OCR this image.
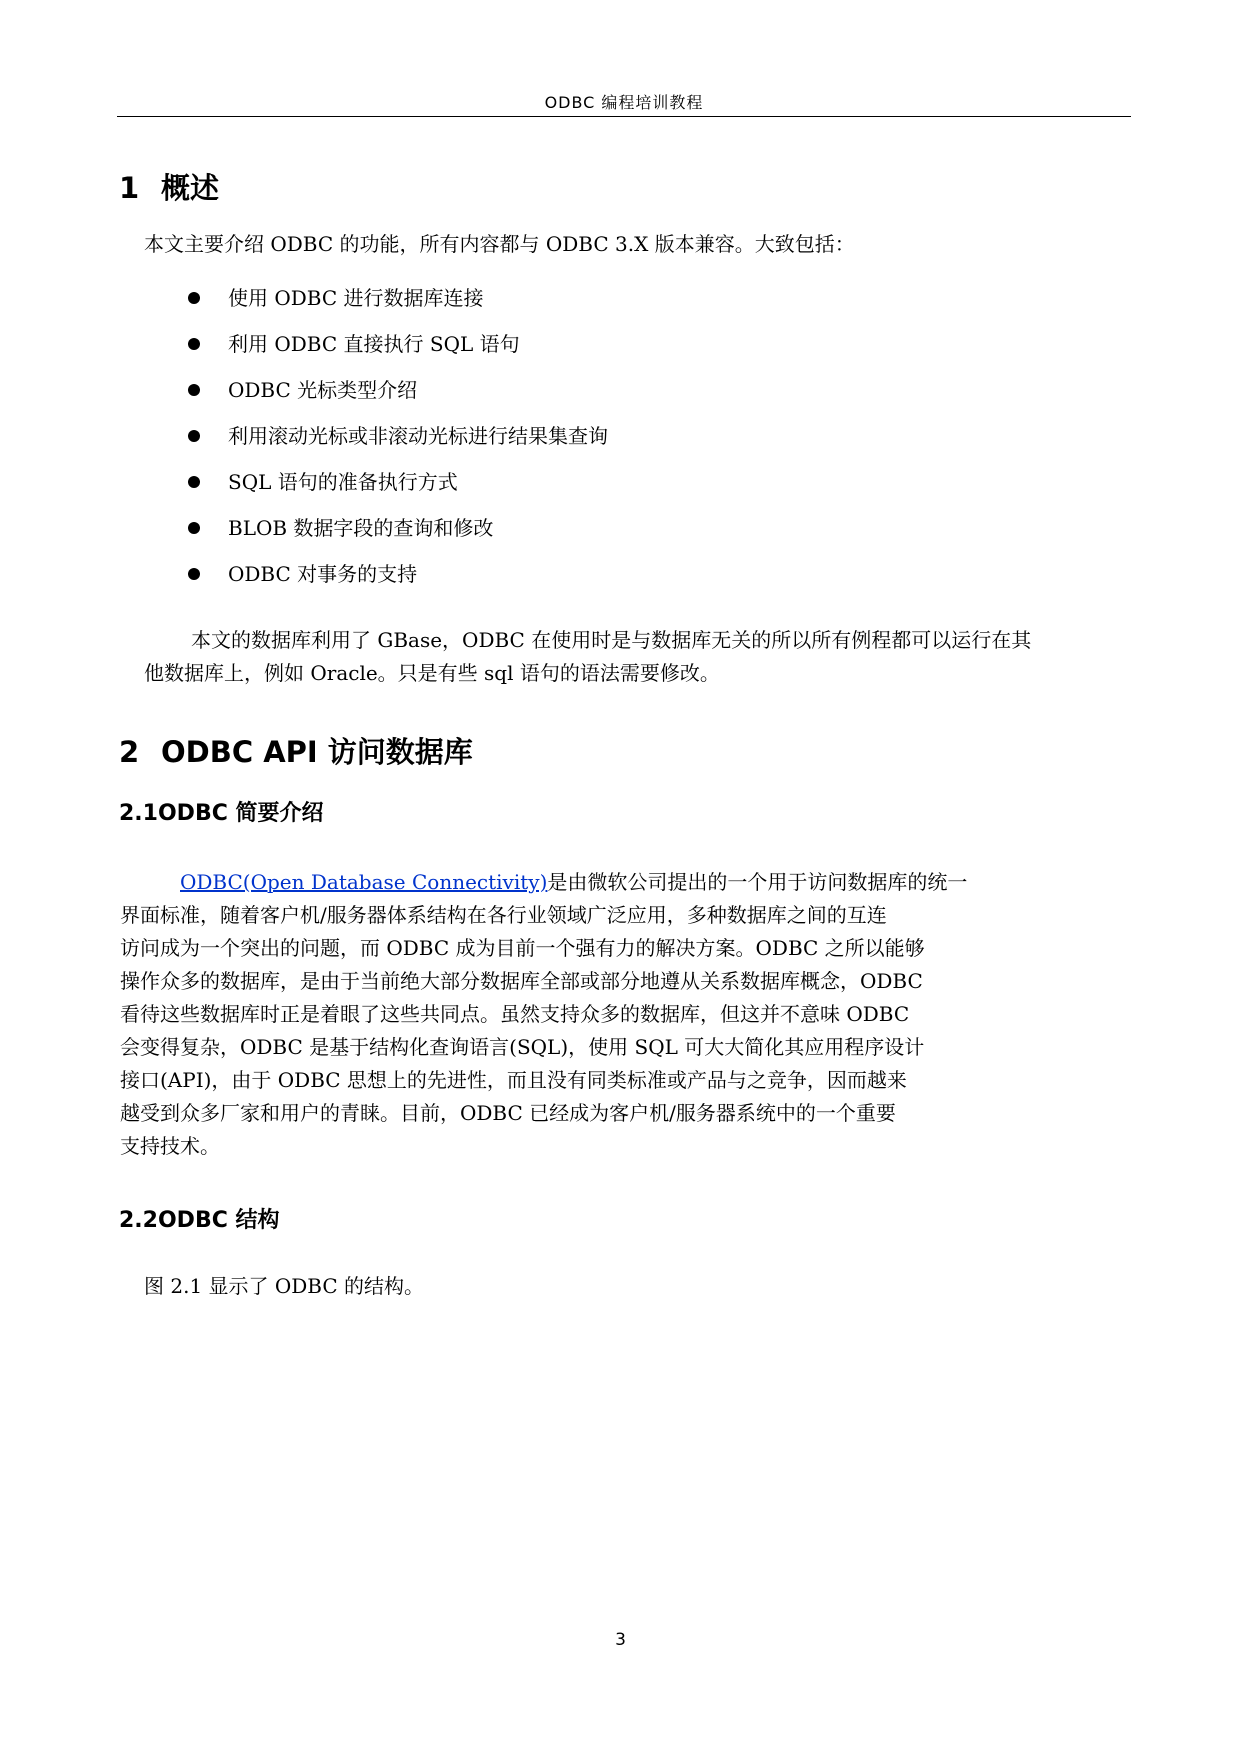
ODBC 编程培训教程
1 概述
本文主要介绍 ODBC 的功能，所有内容都与 ODBC 3.X 版本兼容。大致包括：
使用 ODBC 进行数据库连接
利用 ODBC 直接执行 SQL 语句
ODBC 光标类型介绍
利用滚动光标或非滚动光标进行结果集查询
SQL 语句的准备执行方式
BLOB 数据字段的查询和修改
ODBC 对事务的支持
本文的数据库利用了 GBase，ODBC 在使用时是与数据库无关的所以所有例程都可以运行在其
他数据库上，例如 Oracle。只是有些 sql 语句的语法需要修改。
2 ODBC API 访问数据库
2.1ODBC 简要介绍
ODBC(Open Database Connectivity)是由微软公司提出的一个用于访问数据库的统一
界面标准，随着客户机/服务器体系结构在各行业领域广泛应用，多种数据库之间的互连
访问成为一个突出的问题，而 ODBC 成为目前一个强有力的解决方案。ODBC 之所以能够
操作众多的数据库，是由于当前绝大部分数据库全部或部分地遵从关系数据库概念，ODBC
看待这些数据库时正是着眼了这些共同点。虽然支持众多的数据库，但这并不意味 ODBC
会变得复杂，ODBC 是基于结构化查询语言(SQL)，使用 SQL 可大大简化其应用程序设计
接口(API)，由于 ODBC 思想上的先进性，而且没有同类标准或产品与之竞争，因而越来
越受到众多厂家和用户的青睐。目前，ODBC 已经成为客户机/服务器系统中的一个重要
支持技术。
2.2ODBC 结构
图 2.1 显示了 ODBC 的结构。
3
